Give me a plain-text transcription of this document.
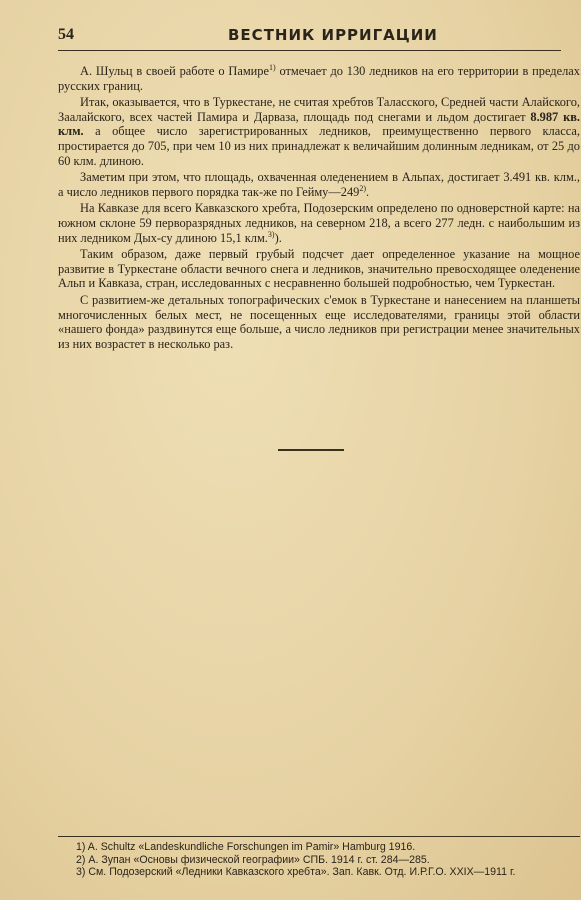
54	ВЕСТНИК ИРРИГАЦИИ

А. Шульц в своей работе о Памире$^{1)}$ отмечает до 130 ледников на его территории в пределах русских границ.

Итак, оказывается, что в Туркестане, не считая хребтов Таласского, Средней части Алайского, Заалайского, всех частей Памира и Дарваза, площадь под снегами и льдом достигает 8.987 кв. клм. а общее число зарегистрированных ледников, преимущественно первого класса, простирается до 705, при чем 10 из них принадлежат к величайшим долинным ледникам, от 25 до 60 клм. длиною.

Заметим при этом, что площадь, охваченная оледенением в Альпах, достигает 3.491 кв. клм., а число ледников первого порядка так-же по Гейму—249$^{2)}$.

На Кавказе для всего Кавказского хребта, Подозерским определено по одноверстной карте: на южном склоне 59 перворазрядных ледников, на северном 218, а всего 277 ледн. с наибольшим из них ледником Дых-су длиною 15,1 клм.$^{3)}$).

Таким образом, даже первый грубый подсчет дает определенное указание на мощное развитие в Туркестане области вечного снега и ледников, значительно превосходящее оледенение Альп и Кавказа, стран, исследованных с несравненно большей подробностью, чем Туркестан.

С развитием-же детальных топографических с'емок в Туркестане и нанесением на планшеты многочисленных белых мест, не посещенных еще исследователями, границы этой области «нашего фонда» раздвинутся еще больше, а число ледников при регистрации менее значительных из них возрастет в несколько раз.

1) A. Schultz «Landeskundliche Forschungen im Pamir» Hamburg 1916.
2) А. Зупан «Основы физической географии» СПБ. 1914 г. ст. 284—285.
3) См. Подозерский «Ледники Кавказского хребта». Зап. Кавк. Отд. И.Р.Г.О. XXIX—1911 г.
